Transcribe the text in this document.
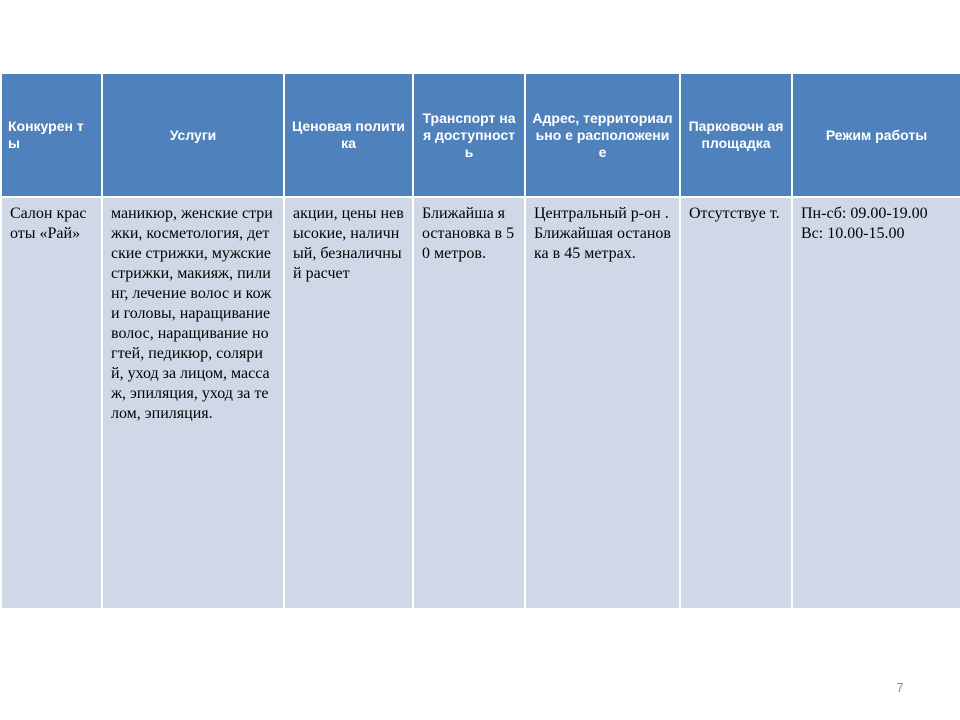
Конкурен ты	Услуги	Ценовая политика	Транспорт ная доступност ь	Адрес, территориально е расположение	Парковочн ая площадка	Режим работы
Салон красоты «Рай»	маникюр, женские стрижки, косметология, детские стрижки, мужские стрижки, макияж, пилинг, лечение волос и кожи головы, наращивание волос, наращивание ногтей, педикюр, солярий, уход за лицом, массаж, эпиляция, уход за телом, эпиляция.	акции, цены невысокие, наличный, безналичный расчет	Ближайша я остановка в 50 метров.	Центральный р-он . Ближайшая остановка в 45 метрах.	Отсутствуе т.	Пн-сб: 09.00-19.00
Вс: 10.00-15.00
7
